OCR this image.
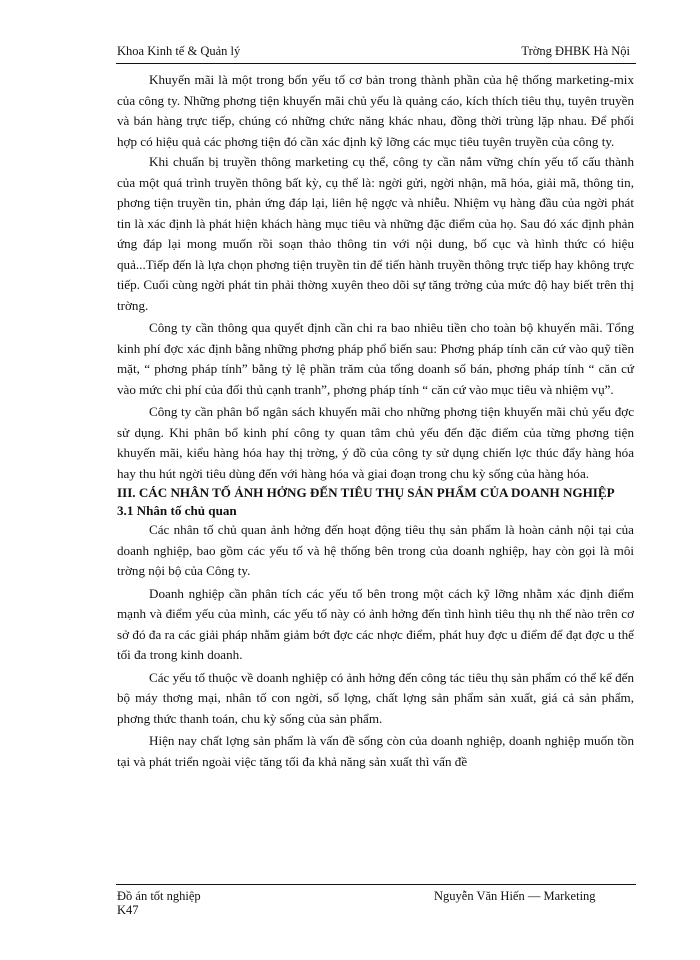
Khoa Kinh tế & Quản lý	Trờng ĐHBK Hà Nội

Khuyến mãi là một trong bốn yếu tố cơ bản trong thành phần của hệ thống marketing-mix của công ty. Những phơng tiện khuyến mãi chủ yếu là quảng cáo, kích thích tiêu thụ, tuyên truyền và bán hàng trực tiếp, chúng có những chức năng khác nhau, đồng thời trùng lặp nhau. Để phối hợp có hiệu quả các phơng tiện đó cần xác định kỹ lỡng các mục tiêu tuyên truyền của công ty.

Khi chuẩn bị truyền thông marketing cụ thể, công ty cần nắm vững chín yếu tố cấu thành của một quá trình truyền thông bất kỳ, cụ thể là: ngời gửi, ngời nhận, mã hóa, giải mã, thông tin, phơng tiện truyền tin, phản ứng đáp lại, liên hệ ngợc và nhiễu. Nhiệm vụ hàng đầu của ngời phát tin là xác định là phát hiện khách hàng mục tiêu và những đặc điểm của họ. Sau đó xác định phản ứng đáp lại mong muốn rồi soạn thảo thông tin với nội dung, bố cục và hình thức có hiệu quả...Tiếp đến là lựa chọn phơng tiện truyền tin để tiến hành truyền thông trực tiếp hay không trực tiếp. Cuối cùng ngời phát tin phải thờng xuyên theo dõi sự tăng trởng của mức độ hay biết trên thị trờng.

Công ty cần thông qua quyết định cần chi ra bao nhiêu tiền cho toàn bộ khuyến mãi. Tổng kinh phí đợc xác định bằng những phơng pháp phổ biến sau: Phơng pháp tính căn cứ vào quỹ tiền mặt, “ phơng pháp tính” bằng tỷ lệ phần trăm của tổng doanh số bán, phơng pháp tính “ căn cứ vào mức chi phí của đối thủ cạnh tranh”, phơng pháp tính “ căn cứ vào mục tiêu và nhiệm vụ”.

Công ty cần phân bổ ngân sách khuyến mãi cho những phơng tiện khuyến mãi chủ yếu đợc sử dụng. Khi phân bổ kinh phí công ty quan tâm chủ yếu đến đặc điểm của từng phơng tiện khuyến mãi, kiểu hàng hóa hay thị trờng, ý đồ của công ty sử dụng chiến lợc thúc đẩy hàng hóa hay thu hút ngời tiêu dùng đến với hàng hóa và giai đoạn trong chu kỳ sống của hàng hóa.

III. CÁC NHÂN TỐ ẢNH HỞNG ĐẾN TIÊU THỤ SẢN PHẨM CỦA DOANH NGHIỆP
3.1 Nhân tố chủ quan

Các nhân tố chủ quan ảnh hởng đến hoạt động tiêu thụ sản phẩm là hoàn cảnh nội tại của doanh nghiệp, bao gồm các yếu tố và hệ thống bên trong của doanh nghiệp, hay còn gọi là môi trờng nội bộ của Công ty.

Doanh nghiệp cần phân tích các yếu tố bên trong một cách kỹ lỡng nhằm xác định điểm mạnh và điểm yếu của mình, các yếu tố này có ảnh hởng đến tình hình tiêu thụ nh thế nào trên cơ sở đó đa ra các giải pháp nhằm giảm bớt đợc các nhợc điểm, phát huy đợc u điểm để đạt đợc u thế tối đa trong kinh doanh.

Các yếu tố thuộc về doanh nghiệp có ảnh hởng đến công tác tiêu thụ sản phẩm có thể kể đến bộ máy thơng mại, nhân tố con ngời, số lợng, chất lợng sản phẩm sản xuất, giá cả sản phẩm, phơng thức thanh toán, chu kỳ sống của sản phẩm.

Hiện nay chất lợng sản phẩm là vấn đề sống còn của doanh nghiệp, doanh nghiệp muốn tồn tại và phát triển ngoài việc tăng tối đa khả năng sản xuất thì vấn đề

Đồ án tốt nghiệp
K47
Nguyễn Văn Hiến — Marketing
